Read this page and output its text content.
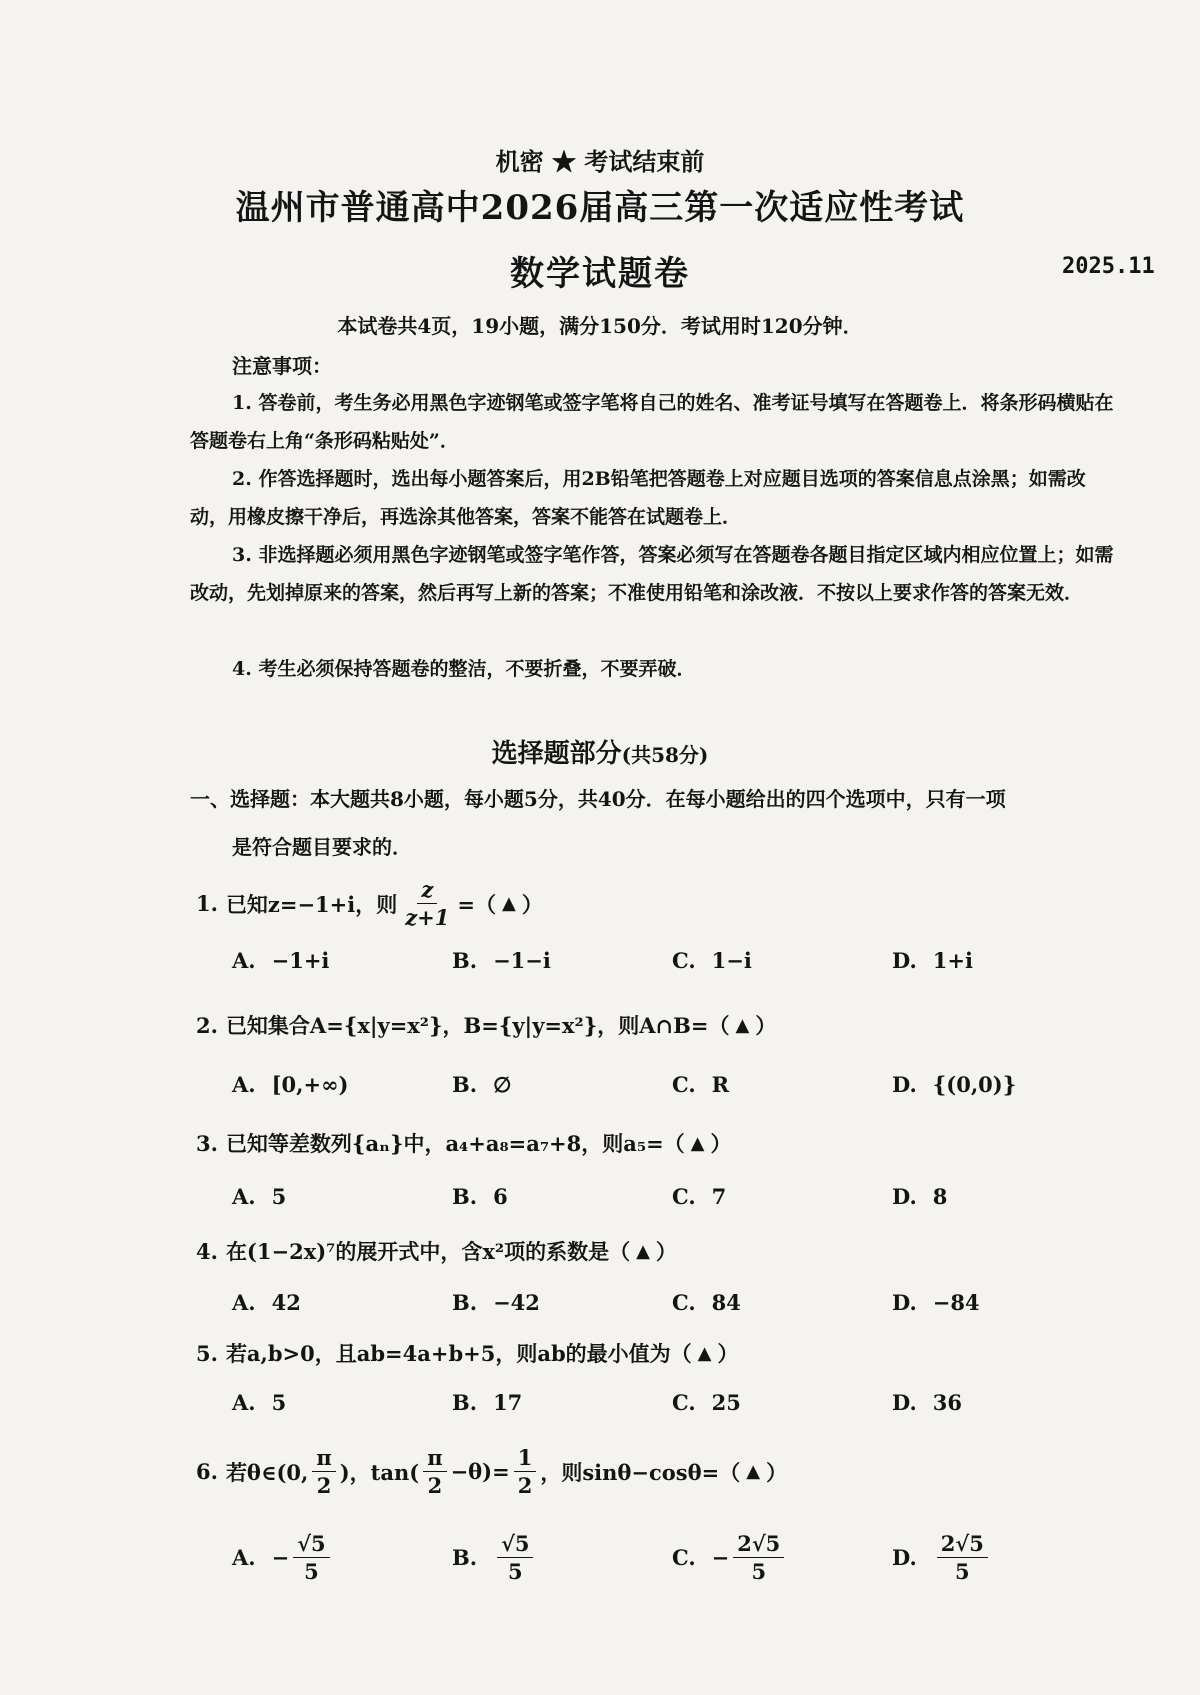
机密 ★ 考试结束前
温州市普通高中2026届高三第一次适应性考试
数学试题卷	2025.11
本试卷共4页，19小题，满分150分．考试用时120分钟．
注意事项：
1. 答卷前，考生务必用黑色字迹钢笔或签字笔将自己的姓名、准考证号填写在答题卷上．将条形码横贴在答题卷右上角“条形码粘贴处”．
2. 作答选择题时，选出每小题答案后，用2B铅笔把答题卷上对应题目选项的答案信息点涂黑；如需改动，用橡皮擦干净后，再选涂其他答案，答案不能答在试题卷上．
3. 非选择题必须用黑色字迹钢笔或签字笔作答，答案必须写在答题卷各题目指定区域内相应位置上；如需改动，先划掉原来的答案，然后再写上新的答案；不准使用铅笔和涂改液．不按以上要求作答的答案无效．
4. 考生必须保持答题卷的整洁，不要折叠，不要弄破．
选择题部分(共58分)
一、选择题：本大题共8小题，每小题5分，共40分．在每小题给出的四个选项中，只有一项
是符合题目要求的．
1. 已知z=−1+i，则 $\frac{z}{z+1}$ =（ ▲ ）
A. −1+i	B. −1−i	C. 1−i	D. 1+i
2. 已知集合A={x|y=x²}，B={y|y=x²}，则A∩B=（ ▲ ）
A. [0,+∞)	B. ∅	C. R	D. {(0,0)}
3. 已知等差数列{aₙ}中，a₄+a₈=a₇+8，则a₅=（ ▲ ）
A. 5	B. 6	C. 7	D. 8
4. 在(1−2x)⁷的展开式中，含x²项的系数是（ ▲ ）
A. 42	B. −42	C. 84	D. −84
5. 若a,b>0，且ab=4a+b+5，则ab的最小值为（ ▲ ）
A. 5	B. 17	C. 25	D. 36
6. 若θ∈(0, $\frac{\pi}{2}$ )，$\tan( \frac{\pi}{2} -\theta)= \frac{1}{2}$ ，则sinθ−cosθ=（ ▲ ）
A. − $\frac{√5}{5}$	B. $\frac{√5}{5}$	C. − $\frac{2√5}{5}$	D. $\frac{2√5}{5}$
